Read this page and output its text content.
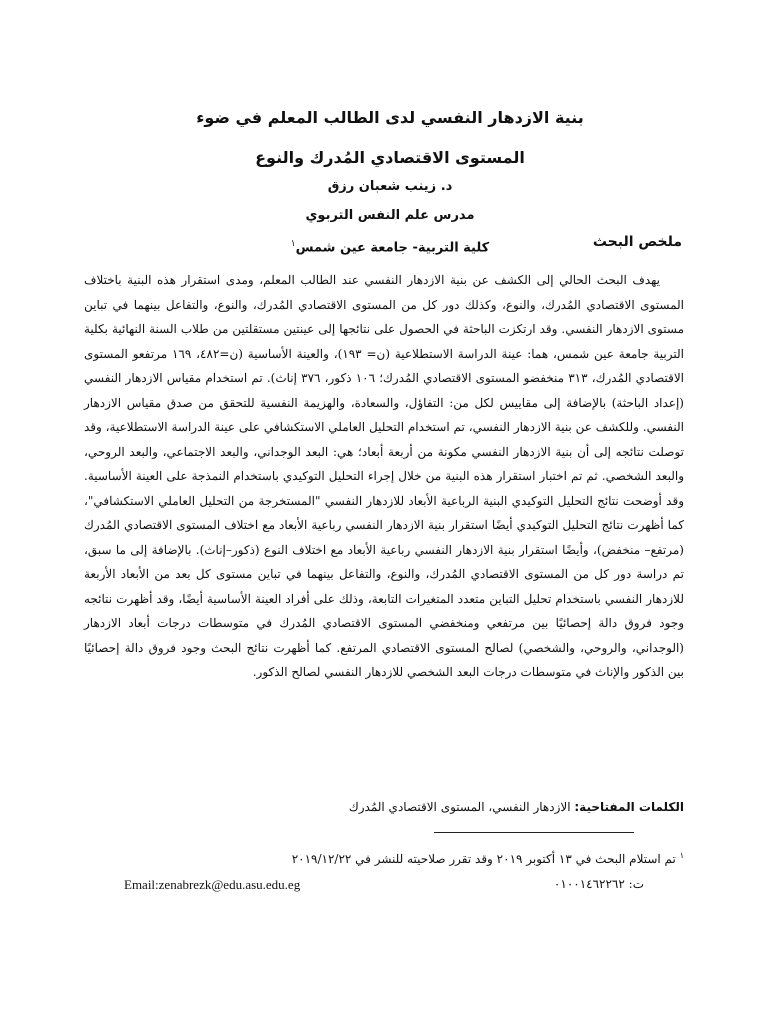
بنية الازدهار النفسي لدى الطالب المعلم في ضوء
المستوى الاقتصادي المُدرك والنوع
د. زينب شعبان رزق
مدرس علم النفس التربوي
كلية التربية- جامعة عين شمس$^١$	ملخص البحث

يهدف البحث الحالي إلى الكشف عن بنية الازدهار النفسي عند الطالب المعلم، ومدى استقرار هذه البنية باختلاف المستوى الاقتصادي المُدرك، والنوع، وكذلك دور كل من المستوى الاقتصادي المُدرك، والنوع، والتفاعل بينهما في تباين مستوى الازدهار النفسي. وقد ارتكزت الباحثة في الحصول على نتائجها إلى عينتين مستقلتين من طلاب السنة النهائية بكلية التربية جامعة عين شمس، هما: عينة الدراسة الاستطلاعية (ن= ١٩٣)، والعينة الأساسية (ن=٤٨٢، ١٦٩ مرتفعو المستوى الاقتصادي المُدرك، ٣١٣ منخفضو المستوى الاقتصادي المُدرك؛ ١٠٦ ذكور، ٣٧٦ إناث). تم استخدام مقياس الازدهار النفسي (إعداد الباحثة) بالإضافة إلى مقاييس لكل من: التفاؤل، والسعادة، والهزيمة النفسية للتحقق من صدق مقياس الازدهار النفسي. وللكشف عن بنية الازدهار النفسي، تم استخدام التحليل العاملي الاستكشافي على عينة الدراسة الاستطلاعية، وقد توصلت نتائجه إلى أن بنية الازدهار النفسي مكونة من أربعة أبعاد؛ هي: البعد الوجداني، والبعد الاجتماعي، والبعد الروحي، والبعد الشخصي. ثم تم اختبار استقرار هذه البنية من خلال إجراء التحليل التوكيدي باستخدام النمذجة على العينة الأساسية. وقد أوضحت نتائج التحليل التوكيدي البنية الرباعية الأبعاد للازدهار النفسي "المستخرجة من التحليل العاملي الاستكشافي"، كما أظهرت نتائج التحليل التوكيدي أيضًا استقرار بنية الازدهار النفسي رباعية الأبعاد مع اختلاف المستوى الاقتصادي المُدرك (مرتفع– منخفض)، وأيضًا استقرار بنية الازدهار النفسي رباعية الأبعاد مع اختلاف النوع (ذكور–إناث). بالإضافة إلى ما سبق، تم دراسة دور كل من المستوى الاقتصادي المُدرك، والنوع، والتفاعل بينهما في تباين مستوى كل بعد من الأبعاد الأربعة للازدهار النفسي باستخدام تحليل التباين متعدد المتغيرات التابعة، وذلك على أفراد العينة الأساسية أيضًا، وقد أظهرت نتائجه وجود فروق دالة إحصائيًا بين مرتفعي ومنخفضي المستوى الاقتصادي المُدرك في متوسطات درجات أبعاد الازدهار (الوجداني، والروحي، والشخصي) لصالح المستوى الاقتصادي المرتفع. كما أظهرت نتائج البحث وجود فروق دالة إحصائيًا بين الذكور والإناث في متوسطات درجات البعد الشخصي للازدهار النفسي لصالح الذكور.

الكلمات المفتاحية: الازدهار النفسي، المستوى الاقتصادي المُدرك
$^١$ تم استلام البحث في ١٣ أكتوبر ٢٠١٩ وقد تقرر صلاحيته للنشر في ٢٠١٩/١٢/٢٢
ت: ٠١٠٠١٤٦٢٢٦٢
Email:zenabrezk@edu.asu.edu.eg
